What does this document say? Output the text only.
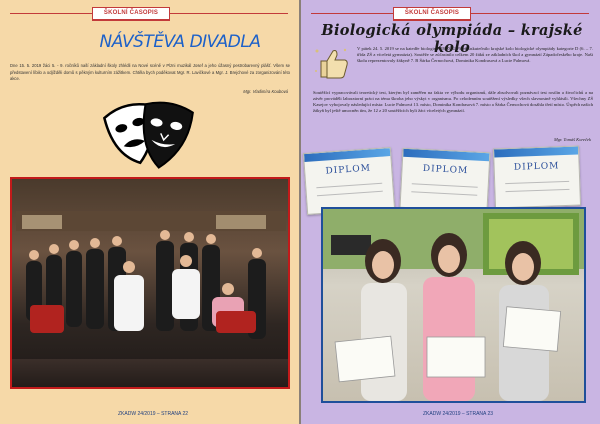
ŠKOLNÍ ČASOPIS
NÁVŠTĚVA DIVADLA
Dne 15. 5. 2019 žáci 5. - 9. ročníků naší základní školy zhlédli na Nové scéně v Plzni muzikál Josef a jeho úžasný pestrobarevný plášť. Všem se představení líbilo a odjížděli domů s pěkným kulturním zážitkem. Chtěla bych poděkovat Mgr. R. Lavičkové a Mgr. J. Brejchové za zorganizování této akce.
Mgr. Vladimíra Koubová
ZKADW 24/2019 – STRANA 22
ŠKOLNÍ ČASOPIS
Biologická olympiáda – krajské kolo
V pátek 24. 5. 2019 se na katedře biologie FPE ZČU Plzeň uskutečnilo krajské kolo biologické olympiády kategorie D (6. – 7. třída ZŠ a víceletá gymnázia). Soutěže se zúčastnilo celkem 20 žáků ze základních škol a gymnázií Západočeského kraje. Naši školu reprezentovaly žákyně 7. B Šárka Černochová, Dominika Kondrasová a Lucie Palmová.
Soutěžící vypracovávali teoretický test, kterým byl zaměřen na fakta ve výhodu organismů, dále absolvovali poznávací test rostlin a živočichů a na závěr prováděli laboratorní práci na téma škroba jeho výskyt v organismu. Po celodenním soutěžení výsledky všech slavnostně vyhlásili. Všechny ZŠ Kasejov vybojovaly následující místa: Lucie Palmová 13. místo, Dominika Kondrasová 7. místo a Šárka Černochová dosáhla třetí místo. Úspěch našich žákyň byl ještě umocněn tím, že 12 z 20 soutěžících byli žáci víceletých gymnázií.
Mgr. Tomáš Koreček
DIPLOM	DIPLOM	DIPLOM
ZKADW 24/2019 – STRANA 23
